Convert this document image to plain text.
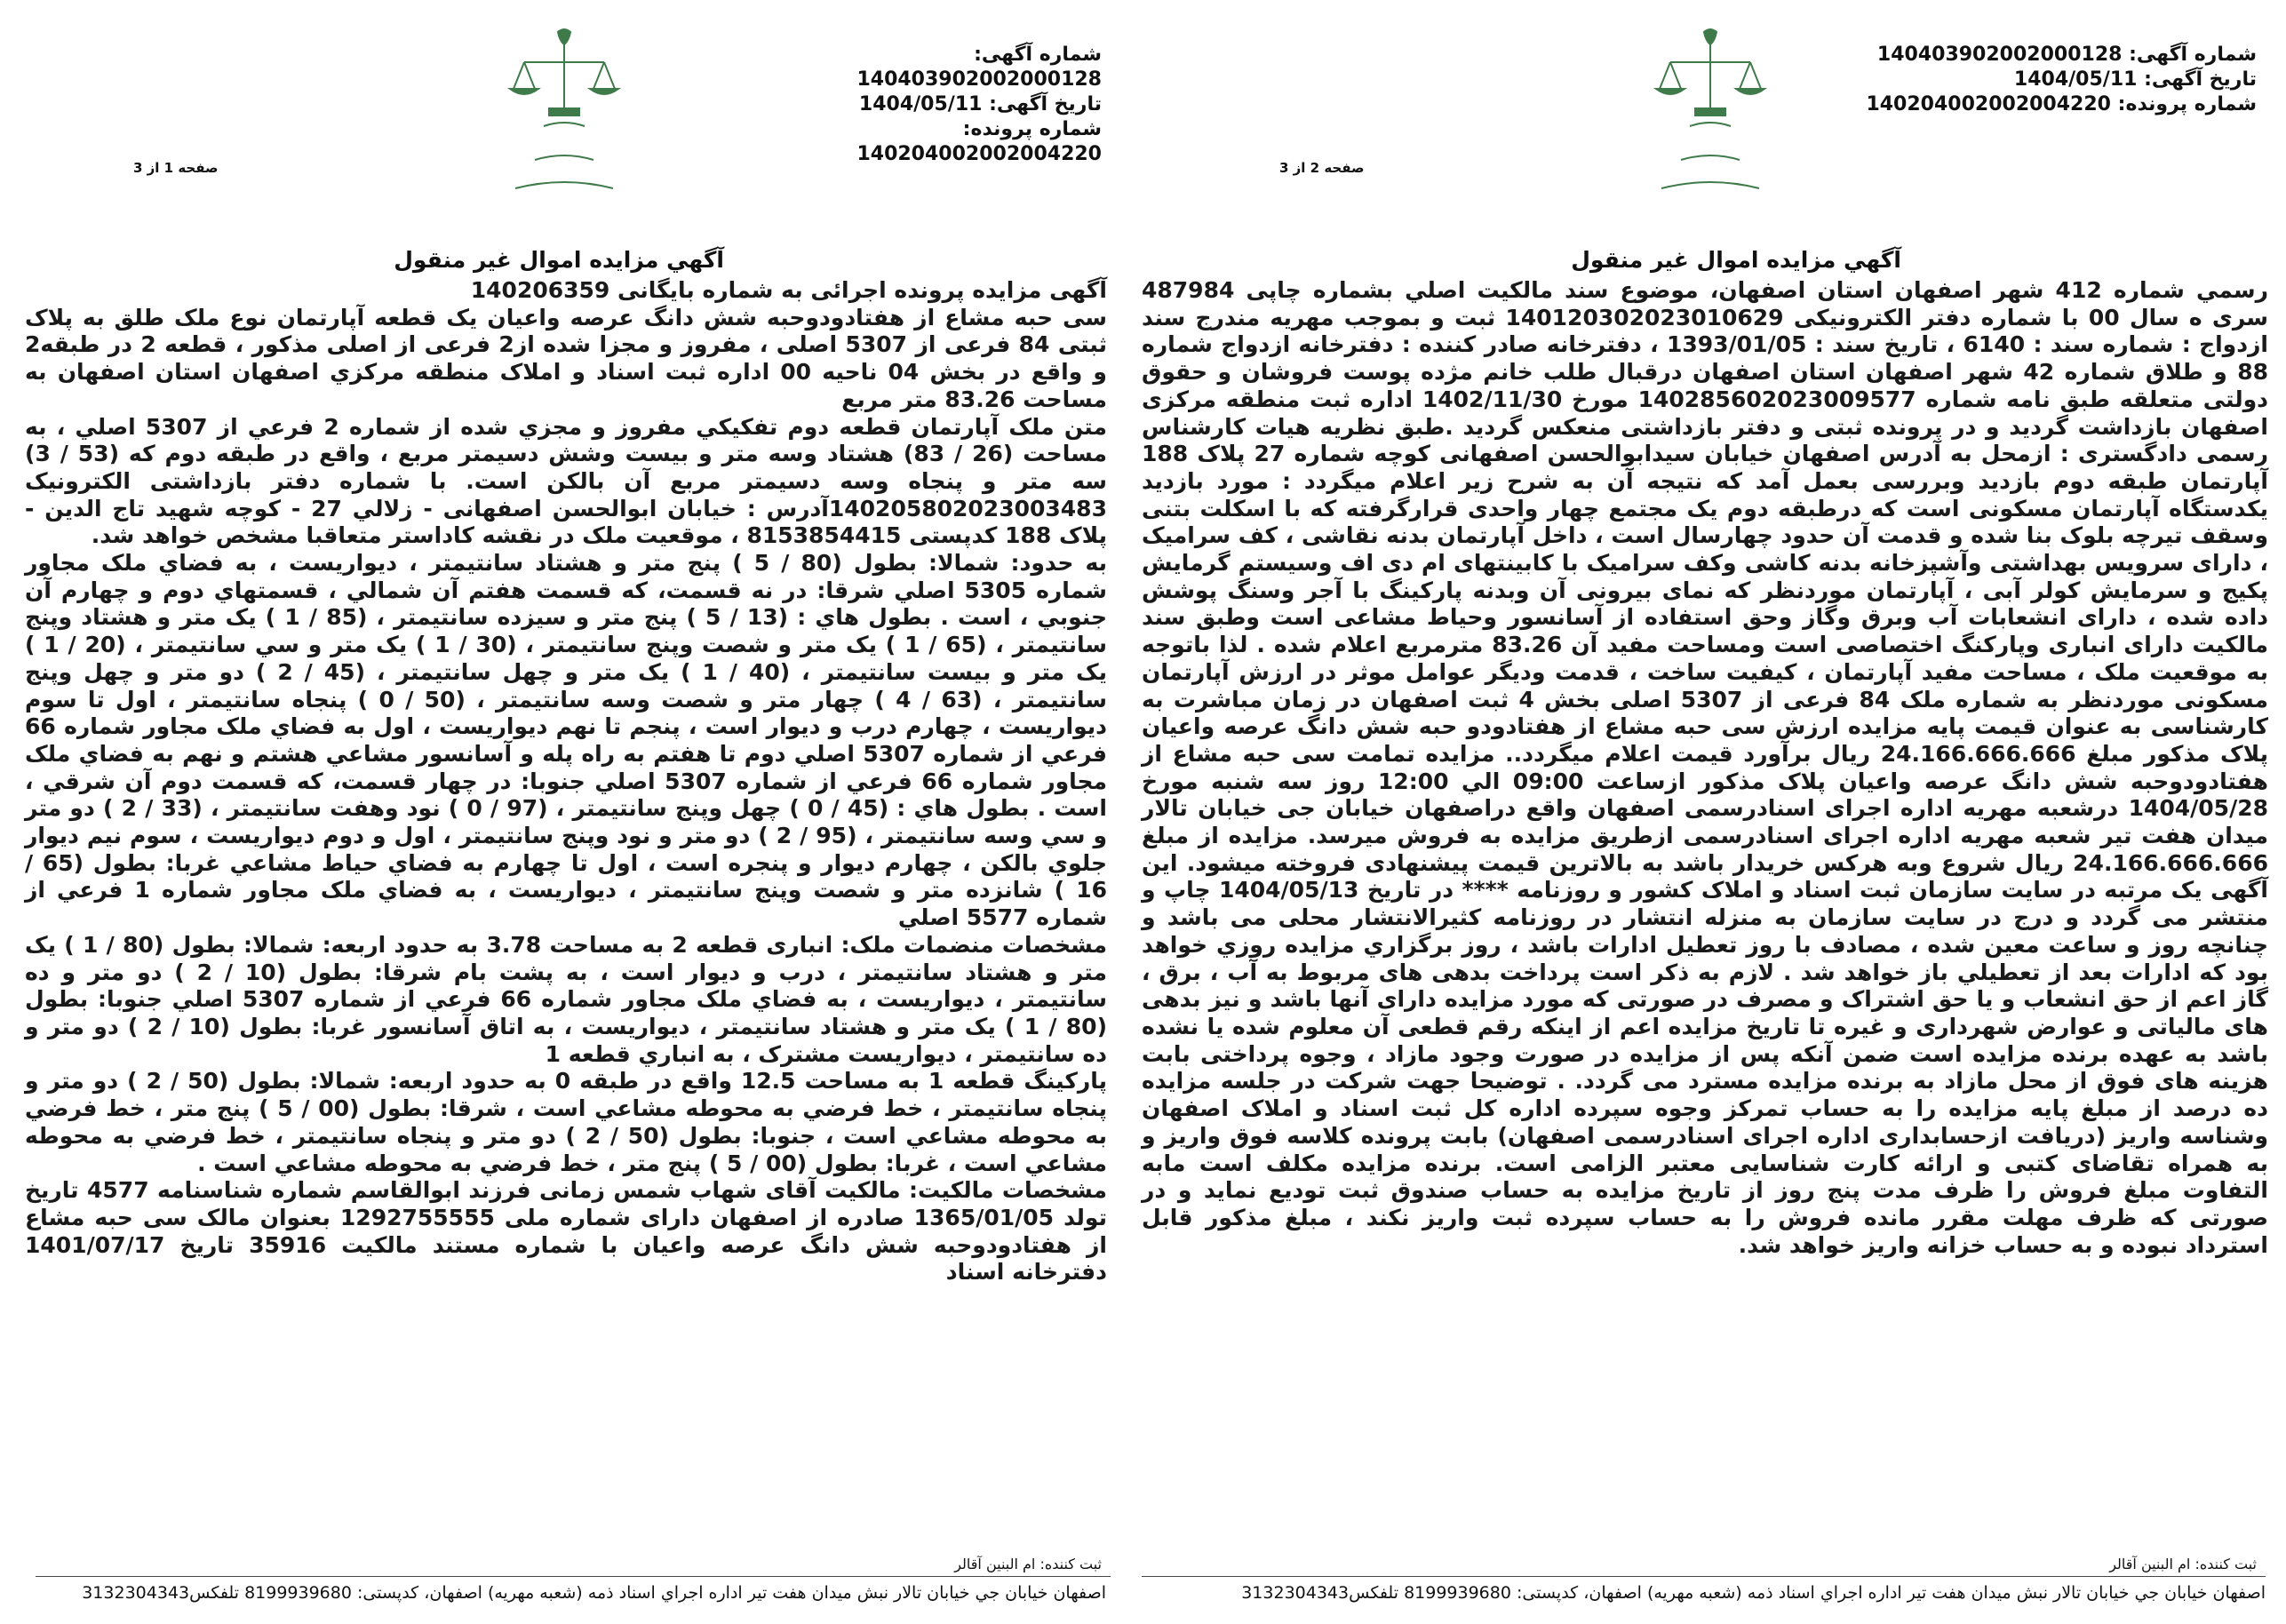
شماره آگهی: 140403902002000128
تاریخ آگهی: 1404/05/11
شماره پرونده: 140204002002004220
صفحه 1 از 3
آگهي مزايده اموال غير منقول

آگهی مزایده پرونده اجرائی به شماره بایگانی 140206359

سی حبه مشاع از هفتادودوحبه شش دانگ عرصه واعیان یک قطعه آپارتمان نوع ملک طلق به پلاک ثبتی 84 فرعی از 5307 اصلی ، مفروز و مجزا شده از2 فرعی از اصلی مذکور ، قطعه 2 در طبقه2 و واقع در بخش 04 ناحیه 00 اداره ثبت اسناد و املاک منطقه مرکزي اصفهان استان اصفهان به مساحت 83.26 متر مربع

متن ملک آپارتمان قطعه دوم تفکيکي مفروز و مجزي شده از شماره 2 فرعي از 5307 اصلي ، به مساحت (26 / 83) هشتاد وسه متر و بيست وشش دسيمتر مربع ، واقع در طبقه دوم که (53 / 3) سه متر و پنجاه وسه دسيمتر مربع آن بالکن است. با شماره دفتر بازداشتی الکترونیک 140205802023003483آدرس : خیابان ابوالحسن اصفهانی - زلالي 27 - کوچه شهيد تاج الدين - پلاک 188 کدپستی 8153854415 ، موقعیت ملک در نقشه کاداستر متعاقبا مشخص خواهد شد.

به حدود: شمالا: بطول (80 / 5 ) پنج متر و هشتاد سانتيمتر ، ديواريست ، به فضاي ملک مجاور شماره 5305 اصلي شرقا: در نه قسمت، که قسمت هفتم آن شمالي ، قسمتهاي دوم و چهارم آن جنوبي ، است . بطول هاي : (13 / 5 ) پنج متر و سيزده سانتيمتر ، (85 / 1 ) يک متر و هشتاد وپنج سانتيمتر ، (65 / 1 ) يک متر و شصت وپنج سانتيمتر ، (30 / 1 ) يک متر و سي سانتيمتر ، (20 / 1 ) يک متر و بيست سانتيمتر ، (40 / 1 ) يک متر و چهل سانتيمتر ، (45 / 2 ) دو متر و چهل وپنج سانتيمتر ، (63 / 4 ) چهار متر و شصت وسه سانتيمتر ، (50 / 0 ) پنجاه سانتيمتر ، اول تا سوم ديواريست ، چهارم درب و ديوار است ، پنجم تا نهم ديواريست ، اول به فضاي ملک مجاور شماره 66 فرعي از شماره 5307 اصلي دوم تا هفتم به راه پله و آسانسور مشاعي هشتم و نهم به فضاي ملک مجاور شماره 66 فرعي از شماره 5307 اصلي جنوبا: در چهار قسمت، که قسمت دوم آن شرقي ، است . بطول هاي : (45 / 0 ) چهل وپنج سانتيمتر ، (97 / 0 ) نود وهفت سانتيمتر ، (33 / 2 ) دو متر و سي وسه سانتيمتر ، (95 / 2 ) دو متر و نود وپنج سانتيمتر ، اول و دوم ديواريست ، سوم نيم ديوار جلوي بالکن ، چهارم ديوار و پنجره است ، اول تا چهارم به فضاي حياط مشاعي غربا: بطول (65 / 16 ) شانزده متر و شصت وپنج سانتيمتر ، ديواريست ، به فضاي ملک مجاور شماره 1 فرعي از شماره 5577 اصلي

مشخصات منضمات ملک: انباری قطعه 2 به مساحت 3.78 به حدود اربعه: شمالا: بطول (80 / 1 ) يک متر و هشتاد سانتيمتر ، درب و ديوار است ، به پشت بام شرقا: بطول (10 / 2 ) دو متر و ده سانتيمتر ، ديواريست ، به فضاي ملک مجاور شماره 66 فرعي از شماره 5307 اصلي جنوبا: بطول (80 / 1 ) يک متر و هشتاد سانتيمتر ، ديواريست ، به اتاق آسانسور غربا: بطول (10 / 2 ) دو متر و ده سانتيمتر ، ديواريست مشترک ، به انباري قطعه 1

پارکینگ قطعه 1 به مساحت 12.5 واقع در طبقه 0 به حدود اربعه: شمالا: بطول (50 / 2 ) دو متر و پنجاه سانتيمتر ، خط فرضي به محوطه مشاعي است ، شرقا: بطول (00 / 5 ) پنج متر ، خط فرضي به محوطه مشاعي است ، جنوبا: بطول (50 / 2 ) دو متر و پنجاه سانتيمتر ، خط فرضي به محوطه مشاعي است ، غربا: بطول (00 / 5 ) پنج متر ، خط فرضي به محوطه مشاعي است .

مشخصات مالکیت: مالکیت آقای شهاب شمس زمانی فرزند ابوالقاسم شماره شناسنامه 4577 تاریخ تولد 1365/01/05 صادره از اصفهان دارای شماره ملی 1292755555 بعنوان مالک سی حبه مشاع از هفتادودوحبه شش دانگ عرصه واعیان با شماره مستند مالکیت 35916 تاریخ 1401/07/17 دفترخانه اسناد

ثبت کننده: ام البنین آقالر
اصفهان خيابان جي خيابان تالار نبش ميدان هفت تير اداره اجراي اسناد ذمه (شعبه مهريه) اصفهان، کدپستی: 8199939680 تلفکس3132304343
شماره آگهی: 140403902002000128
تاریخ آگهی: 1404/05/11
شماره پرونده: 140204002002004220
صفحه 2 از 3
آگهي مزايده اموال غير منقول

رسمي شماره 412 شهر اصفهان استان اصفهان، موضوع سند مالکيت اصلي بشماره چاپی 487984 سری ه سال 00 با شماره دفتر الکترونیکی 140120302023010629 ثبت و بموجب مهریه مندرج سند ازدواج : شماره سند : 6140 ، تاریخ سند : 1393/01/05 ، دفترخانه صادر کننده : دفترخانه ازدواج شماره 88 و طلاق شماره 42 شهر اصفهان استان اصفهان درقبال طلب خانم مژده پوست فروشان و حقوق دولتی متعلقه طبق نامه شماره 140285602023009577 مورخ 1402/11/30 اداره ثبت منطقه مرکزی اصفهان بازداشت گردید و در پرونده ثبتی و دفتر بازداشتی منعکس گردید .طبق نظریه هیات کارشناس رسمی دادگستری : ازمحل به آدرس اصفهان خیابان سیدابوالحسن اصفهانی کوچه شماره 27 پلاک 188 آپارتمان طبقه دوم بازدید وبررسی بعمل آمد که نتیجه آن به شرح زیر اعلام میگردد : مورد بازدید یکدستگاه آپارتمان مسکونی است که درطبقه دوم یک مجتمع چهار واحدی قرارگرفته که با اسکلت بتنی وسقف تیرچه بلوک بنا شده و قدمت آن حدود چهارسال است ، داخل آپارتمان بدنه نقاشی ، کف سرامیک ، دارای سرویس بهداشتی وآشپزخانه بدنه کاشی وکف سرامیک با کابینتهای ام دی اف وسیستم گرمایش پکیج و سرمایش کولر آبی ، آپارتمان موردنظر که نمای بیرونی آن وبدنه پارکینگ با آجر وسنگ پوشش داده شده ، دارای انشعابات آب وبرق وگاز وحق استفاده از آسانسور وحیاط مشاعی است وطبق سند مالکیت دارای انباری وپارکنگ اختصاصی است ومساحت مفید آن 83.26 مترمربع اعلام شده . لذا باتوجه به موقعیت ملک ، مساحت مفید آپارتمان ، کیفیت ساخت ، قدمت ودیگر عوامل موثر در ارزش آپارتمان مسکونی موردنظر به شماره ملک 84 فرعی از 5307 اصلی بخش 4 ثبت اصفهان در زمان مباشرت به کارشناسی به عنوان قیمت پایه مزایده ارزش سی حبه مشاع از هفتادودو حبه شش دانگ عرصه واعیان پلاک مذکور مبلغ 24.166.666.666 ریال برآورد قیمت اعلام میگردد.. مزایده تمامت سی حبه مشاع از هفتادودوحبه شش دانگ عرصه واعیان پلاک مذکور ازساعت 09:00 الي 12:00 روز سه شنبه مورخ 1404/05/28 درشعبه مهریه اداره اجرای اسنادرسمی اصفهان واقع دراصفهان خیابان جی خیابان تالار میدان هفت تیر شعبه مهریه اداره اجرای اسنادرسمی ازطریق مزایده به فروش میرسد. مزایده از مبلغ 24.166.666.666 ریال شروع وبه هرکس خریدار باشد به بالاترین قیمت پیشنهادی فروخته میشود. این آگهی یک مرتبه در سایت سازمان ثبت اسناد و املاک کشور و روزنامه **** در تاریخ 1404/05/13 چاپ و منتشر می گردد و درج در سایت سازمان به منزله انتشار در روزنامه کثیرالانتشار محلی می باشد و چنانچه روز و ساعت معین شده ، مصادف با روز تعطیل ادارات باشد ، روز برگزاري مزايده روزي خواهد بود که ادارات بعد از تعطيلي باز خواهد شد . لازم به ذکر است پرداخت بدهی های مربوط به آب ، برق ، گاز اعم از حق انشعاب و یا حق اشتراک و مصرف در صورتی که مورد مزایده دارای آنها باشد و نیز بدهی های مالیاتی و عوارض شهرداری و غیره تا تاریخ مزایده اعم از اینکه رقم قطعی آن معلوم شده یا نشده باشد به عهده برنده مزایده است ضمن آنکه پس از مزایده در صورت وجود مازاد ، وجوه پرداختی بابت هزینه های فوق از محل مازاد به برنده مزایده مسترد می گردد. . توضیحا جهت شرکت در جلسه مزایده ده درصد از مبلغ پایه مزایده را به حساب تمرکز وجوه سپرده اداره کل ثبت اسناد و املاک اصفهان وشناسه واریز (دریافت ازحسابداری اداره اجرای اسنادرسمی اصفهان) بابت پرونده کلاسه فوق واریز و به همراه تقاضای کتبی و ارائه کارت شناسایی معتبر الزامی است. برنده مزایده مکلف است مابه التفاوت مبلغ فروش را ظرف مدت پنج روز از تاریخ مزایده به حساب صندوق ثبت تودیع نماید و در صورتی که ظرف مهلت مقرر مانده فروش را به حساب سپرده ثبت واریز نکند ، مبلغ مذکور قابل استرداد نبوده و به حساب خزانه واریز خواهد شد.

ثبت کننده: ام البنین آقالر
اصفهان خيابان جي خيابان تالار نبش ميدان هفت تير اداره اجراي اسناد ذمه (شعبه مهريه) اصفهان، کدپستی: 8199939680 تلفکس3132304343
